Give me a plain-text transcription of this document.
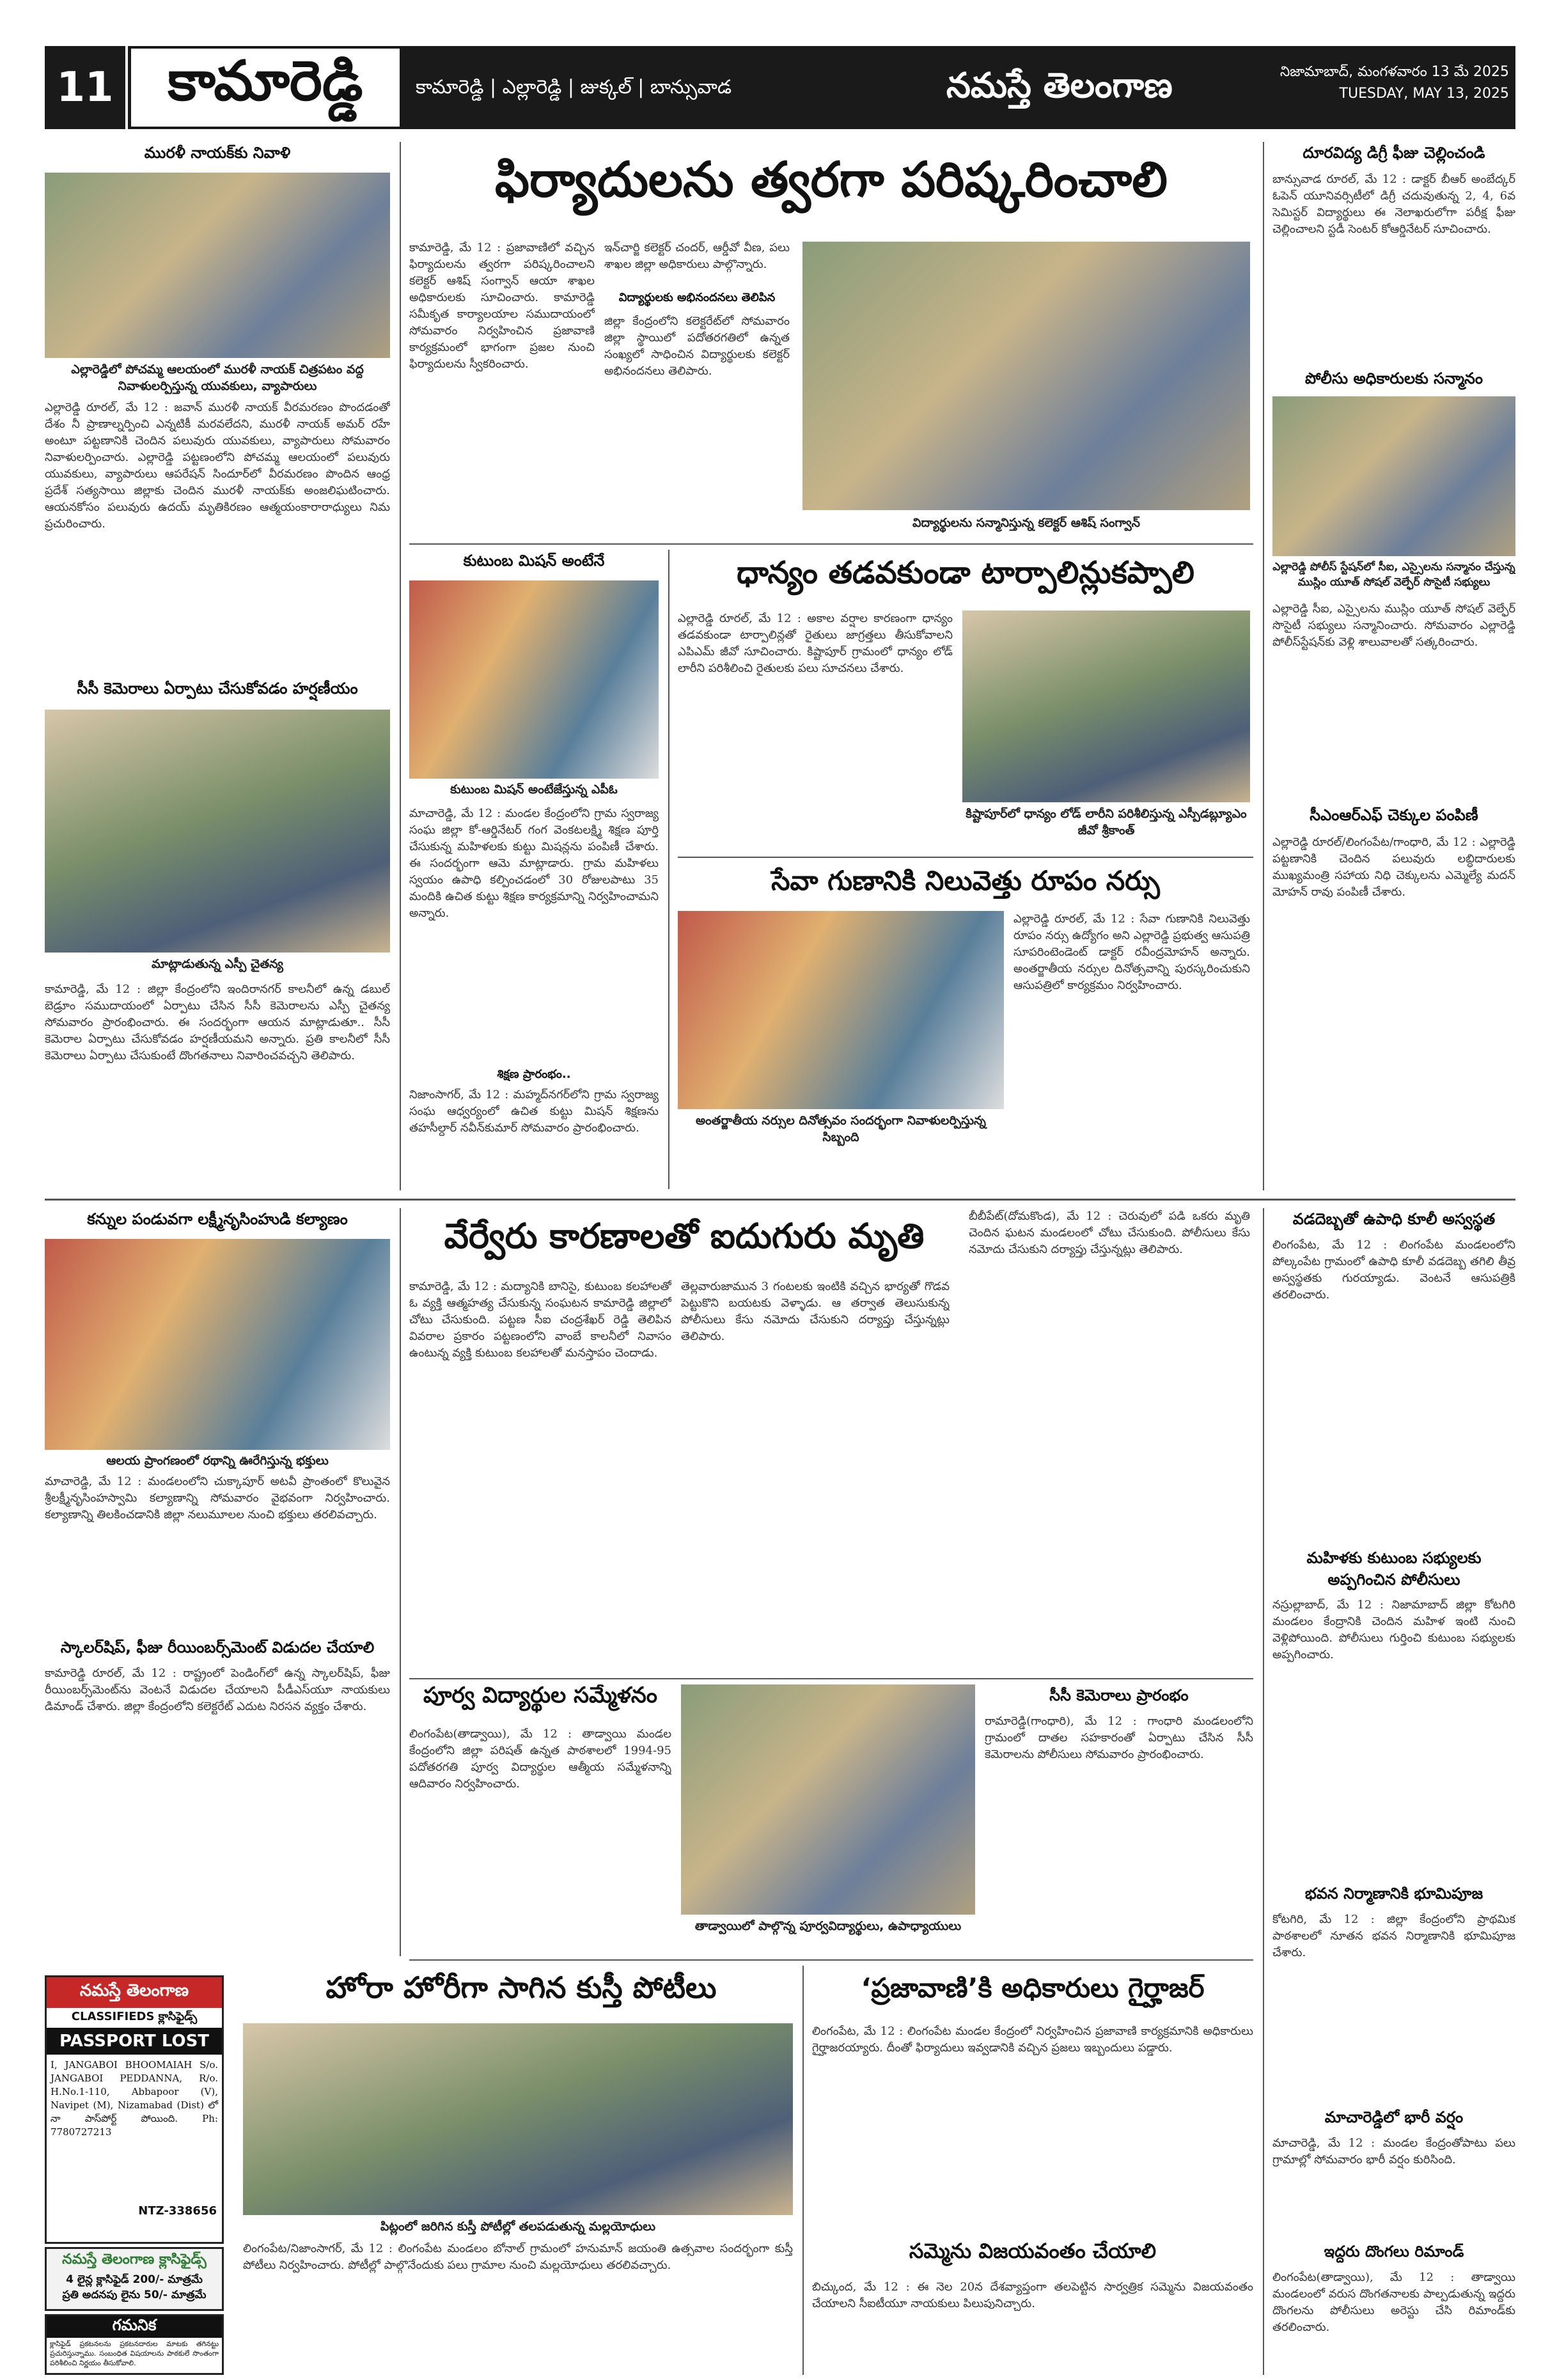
11 కామారెడ్డి	కామారెడ్డి | ఎల్లారెడ్డి | జుక్కల్ | బాన్సువాడ	నమస్తే తెలంగాణ	నిజామాబాద్, మంగళవారం 13 మే 2025
TUESDAY, MAY 13, 2025
మురళీ నాయక్‌కు నివాళి
ఎల్లారెడ్డిలో పోచమ్మ ఆలయంలో మురళీ నాయక్ చిత్రపటం వద్ద నివాళులర్పిస్తున్న యువకులు, వ్యాపారులు
ఎల్లారెడ్డి రూరల్, మే 12 : జవాన్ మురళీ నాయక్ వీరమరణం పొందడంతో దేశం నీ ప్రాణాల్నర్పించి ఎన్నటికీ మరవలేదని, మురళీ నాయక్ అమర్ రహే అంటూ పట్టణానికి చెందిన పలువురు యువకులు, వ్యాపారులు సోమవారం నివాళులర్పించారు. ఎల్లారెడ్డి పట్టణంలోని పోచమ్మ ఆలయంలో పలువురు యువకులు, వ్యాపారులు ఆపరేషన్ సిందూర్‌లో వీరమరణం పొందిన ఆంధ్ర ప్రదేశ్ సత్యసాయి జిల్లాకు చెందిన మురళీ నాయక్‌కు అంజలిఘటించారు. ఆయనకోసం పలువురు ఉదయ్ మృతికిరణం ఆత్మయంకారారాధ్యులు నిమ ప్రచురించారు.
సీసీ కెమెరాలు ఏర్పాటు చేసుకోవడం హర్షణీయం
మాట్లాడుతున్న ఎస్పీ చైతన్య
కామారెడ్డి, మే 12 : జిల్లా కేంద్రంలోని ఇందిరానగర్ కాలనీలో ఉన్న డబుల్ బెడ్రూం సముదాయంలో ఏర్పాటు చేసిన సీసీ కెమెరాలను ఎస్పీ చైతన్య సోమవారం ప్రారంభించారు. ఈ సందర్భంగా ఆయన మాట్లాడుతూ.. సీసీ కెమెరాల ఏర్పాటు చేసుకోవడం హర్షణీయమని అన్నారు. ప్రతి కాలనీలో సీసీ కెమెరాలు ఏర్పాటు చేసుకుంటే దొంగతనాలు నివారించవచ్చని తెలిపారు.
ఫిర్యాదులను త్వరగా పరిష్కరించాలి
కామారెడ్డి, మే 12 : ప్రజావాణిలో వచ్చిన ఫిర్యాదులను త్వరగా పరిష్కరించాలని కలెక్టర్ ఆశిష్ సంగ్వాన్ ఆయా శాఖల అధికారులకు సూచించారు. కామారెడ్డి సమీకృత కార్యాలయాల సముదాయంలో సోమవారం నిర్వహించిన ప్రజావాణి కార్యక్రమంలో భాగంగా ప్రజల నుంచి ఫిర్యాదులను స్వీకరించారు.
ఇన్‌చార్జి కలెక్టర్ చందర్, ఆర్డీవో వీణ, పలు శాఖల జిల్లా అధికారులు పాల్గొన్నారు.
విద్యార్థులకు అభినందనలు తెలిపిన
జిల్లా కేంద్రంలోని కలెక్టరేట్‌లో సోమవారం జిల్లా స్థాయిలో పదోతరగతిలో ఉన్నత సంఖ్యలో సాధించిన విద్యార్థులకు కలెక్టర్ అభినందనలు తెలిపారు.
విద్యార్థులను సన్మానిస్తున్న కలెక్టర్ ఆశిష్ సంగ్వాన్
కుటుంబ మిషన్ అంటేనే
కుటుంబ మిషన్ అంటేజేస్తున్న ఎపీఓ
మాచారెడ్డి, మే 12 : మండల కేంద్రంలోని గ్రామ స్వరాజ్య సంఘ జిల్లా కో-ఆర్డినేటర్ గంగ వెంకటలక్ష్మి శిక్షణ పూర్తి చేసుకున్న మహిళలకు కుట్టు మిషన్లను పంపిణీ చేశారు. ఈ సందర్భంగా ఆమె మాట్లాడారు. గ్రామ మహిళలు స్వయం ఉపాధి కల్పించడంలో 30 రోజులపాటు 35 మందికి ఉచిత కుట్టు శిక్షణ కార్యక్రమాన్ని నిర్వహించామని అన్నారు.
శిక్షణ ప్రారంభం..
నిజాంసాగర్, మే 12 : మహ్మద్‌నగర్‌లోని గ్రామ స్వరాజ్య సంఘ ఆధ్వర్యంలో ఉచిత కుట్టు మిషన్ శిక్షణను తహసీల్దార్ నవీన్‌కుమార్ సోమవారం ప్రారంభించారు.
ధాన్యం తడవకుండా టార్పాలిన్లుకప్పాలి
ఎల్లారెడ్డి రూరల్, మే 12 : అకాల వర్షాల కారణంగా ధాన్యం తడవకుండా టార్పాలిన్లతో రైతులు జాగ్రత్తలు తీసుకోవాలని ఎపిఎమ్ జీవో సూచించారు. కిష్టాపూర్ గ్రామంలో ధాన్యం లోడ్ లారీని పరిశీలించి రైతులకు పలు సూచనలు చేశారు.
కిష్టాపూర్‌లో ధాన్యం లోడ్ లారీని పరిశీలిస్తున్న ఎస్పీడబ్ల్యూఎం జీవో శ్రీకాంత్
సేవా గుణానికి నిలువెత్తు రూపం నర్సు
అంతర్జాతీయ నర్సుల దినోత్సవం సందర్భంగా నివాళులర్పిస్తున్న సిబ్బంది
ఎల్లారెడ్డి రూరల్, మే 12 : సేవా గుణానికి నిలువెత్తు రూపం నర్సు ఉద్యోగం అని ఎల్లారెడ్డి ప్రభుత్వ ఆసుపత్రి సూపరింటెండెంట్ డాక్టర్ రవీంద్రమోహన్ అన్నారు. అంతర్జాతీయ నర్సుల దినోత్సవాన్ని పురస్కరించుకుని ఆసుపత్రిలో కార్యక్రమం నిర్వహించారు.
దూరవిద్య డిగ్రీ ఫీజు చెల్లించండి
బాన్సువాడ రూరల్, మే 12 : డాక్టర్ బీఆర్ అంబేద్కర్ ఓపెన్ యూనివర్సిటీలో డిగ్రీ చదువుతున్న 2, 4, 6వ సెమిస్టర్ విద్యార్థులు ఈ నెలాఖరులోగా పరీక్ష ఫీజు చెల్లించాలని స్టడీ సెంటర్ కోఆర్డినేటర్ సూచించారు.
పోలీసు అధికారులకు సన్మానం
ఎల్లారెడ్డి పోలీస్ స్టేషన్‌లో సీఐ, ఎస్సైలను సన్మానం చేస్తున్న ముస్లిం యూత్ సోషల్ వెల్ఫేర్ సొసైటీ సభ్యులు
ఎల్లారెడ్డి సీఐ, ఎస్సైలను ముస్లిం యూత్ సోషల్ వెల్ఫేర్ సొసైటీ సభ్యులు సన్మానించారు. సోమవారం ఎల్లారెడ్డి పోలీస్‌స్టేషన్‌కు వెళ్లి శాలువాలతో సత్కరించారు.
సీఎంఆర్‌ఎఫ్ చెక్కుల పంపిణీ
ఎల్లారెడ్డి రూరల్/లింగంపేట/గాంధారి, మే 12 : ఎల్లారెడ్డి పట్టణానికి చెందిన పలువురు లబ్ధిదారులకు ముఖ్యమంత్రి సహాయ నిధి చెక్కులను ఎమ్మెల్యే మదన్ మోహన్ రావు పంపిణీ చేశారు.
కన్నుల పండువగా లక్ష్మీనృసింహుడి కల్యాణం
ఆలయ ప్రాంగణంలో రథాన్ని ఊరేగిస్తున్న భక్తులు
మాచారెడ్డి, మే 12 : మండలంలోని చుక్కాపూర్ అటవీ ప్రాంతంలో కొలువైన శ్రీలక్ష్మీనృసింహస్వామి కల్యాణాన్ని సోమవారం వైభవంగా నిర్వహించారు. కల్యాణాన్ని తిలకించడానికి జిల్లా నలుమూలల నుంచి భక్తులు తరలివచ్చారు.
స్కాలర్‌షిప్, ఫీజు రీయింబర్స్‌మెంట్ విడుదల చేయాలి
కామారెడ్డి రూరల్, మే 12 : రాష్ట్రంలో పెండింగ్‌లో ఉన్న స్కాలర్‌షిప్, ఫీజు రీయింబర్స్‌మెంట్‌ను వెంటనే విడుదల చేయాలని పీడీఎస్‌యూ నాయకులు డిమాండ్ చేశారు. జిల్లా కేంద్రంలోని కలెక్టరేట్ ఎదుట నిరసన వ్యక్తం చేశారు.
నమస్తే తెలంగాణ
CLASSIFIEDS క్లాసిఫైడ్స్
PASSPORT LOST
I, JANGABOI BHOOMAIAH S/o. JANGABOI PEDDANNA, R/o. H.No.1-110, Abbapoor (V), Navipet (M), Nizamabad (Dist) లో నా పాస్‌పోర్ట్ పోయింది. Ph: 7780727213
NTZ-338656
నమస్తే తెలంగాణ క్లాసిఫైడ్స్
4 లైన్ల క్లాసిఫైడ్ 200/- మాత్రమే
ప్రతి అదనపు లైను 50/- మాత్రమే
గమనిక
క్లాసిఫైడ్ ప్రకటనలను ప్రకటనదారుల మాటకు తగినట్టు ప్రచురిస్తున్నాము. సంబంధిత విషయాలను పాఠకులే సొంతంగా పరిశీలించి నిర్ణయం తీసుకోవాలి.
వేర్వేరు కారణాలతో ఐదుగురు మృతి
కామారెడ్డి, మే 12 : మద్యానికి బానిసై, కుటుంబ కలహాలతో ఓ వ్యక్తి ఆత్మహత్య చేసుకున్న సంఘటన కామారెడ్డి జిల్లాలో చోటు చేసుకుంది. పట్టణ సీఐ చంద్రశేఖర్ రెడ్డి తెలిపిన వివరాల ప్రకారం పట్టణంలోని వాంబే కాలనీలో నివాసం ఉంటున్న వ్యక్తి కుటుంబ కలహాలతో మనస్తాపం చెందాడు.
తెల్లవారుజామున 3 గంటలకు ఇంటికి వచ్చిన భార్యతో గొడవ పెట్టుకొని బయటకు వెళ్ళాడు. ఆ తర్వాత తెలుసుకున్న పోలీసులు కేసు నమోదు చేసుకుని దర్యాప్తు చేస్తున్నట్లు తెలిపారు.
బీబీపేట్(దోమకొండ), మే 12 : చెరువులో పడి ఒకరు మృతి చెందిన ఘటన మండలంలో చోటు చేసుకుంది. పోలీసులు కేసు నమోదు చేసుకుని దర్యాప్తు చేస్తున్నట్లు తెలిపారు.
పూర్వ విద్యార్థుల సమ్మేళనం
లింగంపేట(తాడ్వాయి), మే 12 : తాడ్వాయి మండల కేంద్రంలోని జిల్లా పరిషత్ ఉన్నత పాఠశాలలో 1994-95 పదోతరగతి పూర్వ విద్యార్థుల ఆత్మీయ సమ్మేళనాన్ని ఆదివారం నిర్వహించారు.
తాడ్వాయిలో పాల్గొన్న పూర్వవిద్యార్థులు, ఉపాధ్యాయులు
సీసీ కెమెరాలు ప్రారంభం
రామారెడ్డి(గాంధారి), మే 12 : గాంధారి మండలంలోని గ్రామంలో దాతల సహకారంతో ఏర్పాటు చేసిన సీసీ కెమెరాలను పోలీసులు సోమవారం ప్రారంభించారు.
హోరా హోరీగా సాగిన కుస్తీ పోటీలు
పిట్లంలో జరిగిన కుస్తీ పోటీల్లో తలపడుతున్న మల్లయోధులు
లింగంపేట/నిజాంసాగర్, మే 12 : లింగంపేట మండలం బోనాల్ గ్రామంలో హనుమాన్ జయంతి ఉత్సవాల సందర్భంగా కుస్తీ పోటీలు నిర్వహించారు. పోటీల్లో పాల్గొనేందుకు పలు గ్రామాల నుంచి మల్లయోధులు తరలివచ్చారు.
‘ప్రజావాణి’కి అధికారులు గైర్హాజర్
లింగంపేట, మే 12 : లింగంపేట మండల కేంద్రంలో నిర్వహించిన ప్రజావాణి కార్యక్రమానికి అధికారులు గైర్హాజరయ్యారు. దీంతో ఫిర్యాదులు ఇవ్వడానికి వచ్చిన ప్రజలు ఇబ్బందులు పడ్డారు.
సమ్మెను విజయవంతం చేయాలి
బిచ్కుంద, మే 12 : ఈ నెల 20న దేశవ్యాప్తంగా తలపెట్టిన సార్వత్రిక సమ్మెను విజయవంతం చేయాలని సీఐటీయూ నాయకులు పిలుపునిచ్చారు.
వడదెబ్బతో ఉపాధి కూలీ అస్వస్థత
లింగంపేట, మే 12 : లింగంపేట మండలంలోని పోల్కంపేట గ్రామంలో ఉపాధి కూలీ వడదెబ్బ తగిలి తీవ్ర అస్వస్థతకు గురయ్యాడు. వెంటనే ఆసుపత్రికి తరలించారు.
మహిళకు కుటుంబ సభ్యులకు అప్పగించిన పోలీసులు
నస్రుల్లాబాద్, మే 12 : నిజామాబాద్ జిల్లా కోటగిరి మండలం కేంద్రానికి చెందిన మహిళ ఇంటి నుంచి వెళ్లిపోయింది. పోలీసులు గుర్తించి కుటుంబ సభ్యులకు అప్పగించారు.
భవన నిర్మాణానికి భూమిపూజ
కోటగిరి, మే 12 : జిల్లా కేంద్రంలోని ప్రాథమిక పాఠశాలలో నూతన భవన నిర్మాణానికి భూమిపూజ చేశారు.
మాచారెడ్డిలో భారీ వర్షం
మాచారెడ్డి, మే 12 : మండల కేంద్రంతోపాటు పలు గ్రామాల్లో సోమవారం భారీ వర్షం కురిసింది.
ఇద్దరు దొంగలు రిమాండ్
లింగంపేట(తాడ్వాయి), మే 12 : తాడ్వాయి మండలంలో వరుస దొంగతనాలకు పాల్పడుతున్న ఇద్దరు దొంగలను పోలీసులు అరెస్టు చేసి రిమాండ్‌కు తరలించారు.
